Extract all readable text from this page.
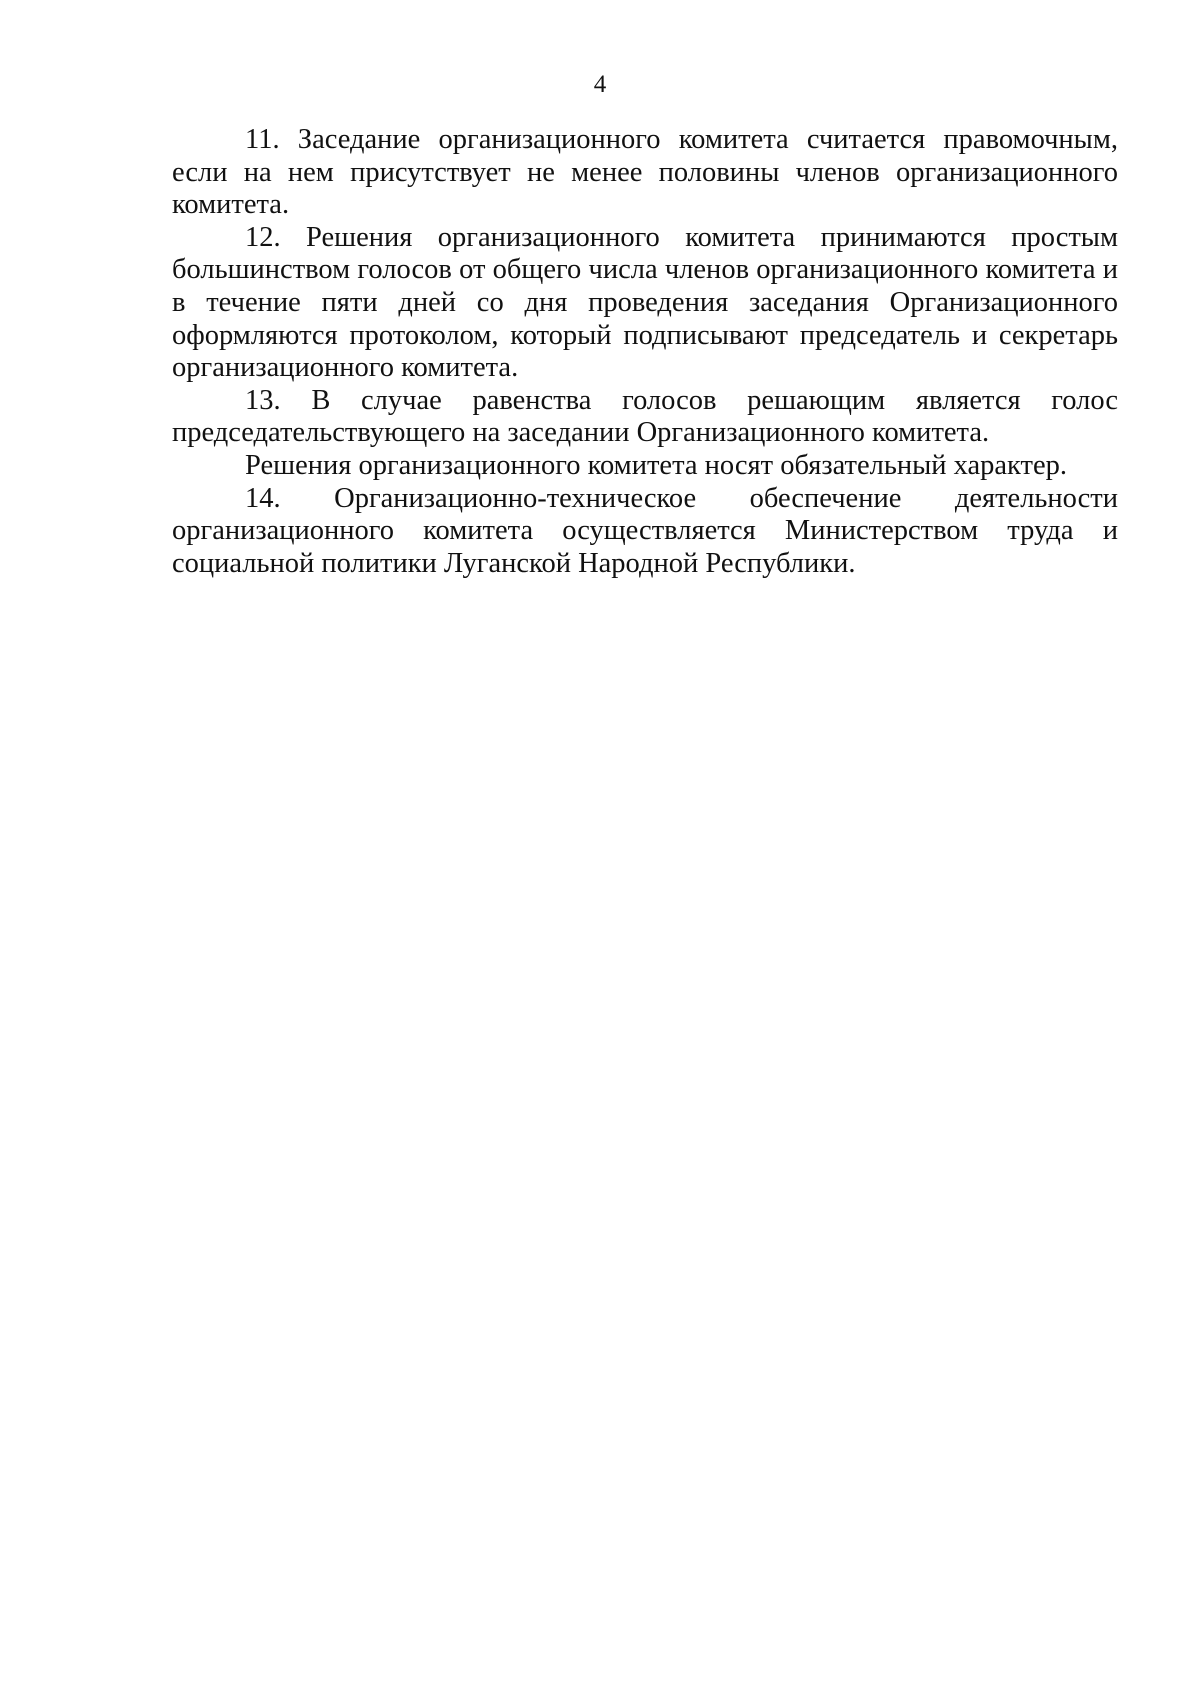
4

11. Заседание организационного комитета считается правомочным, если на нем присутствует не менее половины членов организационного комитета.

12. Решения организационного комитета принимаются простым большинством голосов от общего числа членов организационного комитета и в течение пяти дней со дня проведения заседания Организационного оформляются протоколом, который подписывают председатель и секретарь организационного комитета.

13. В случае равенства голосов решающим является голос председательствующего на заседании Организационного комитета.

Решения организационного комитета носят обязательный характер.

14. Организационно-техническое обеспечение деятельности организационного комитета осуществляется Министерством труда и социальной политики Луганской Народной Республики.
